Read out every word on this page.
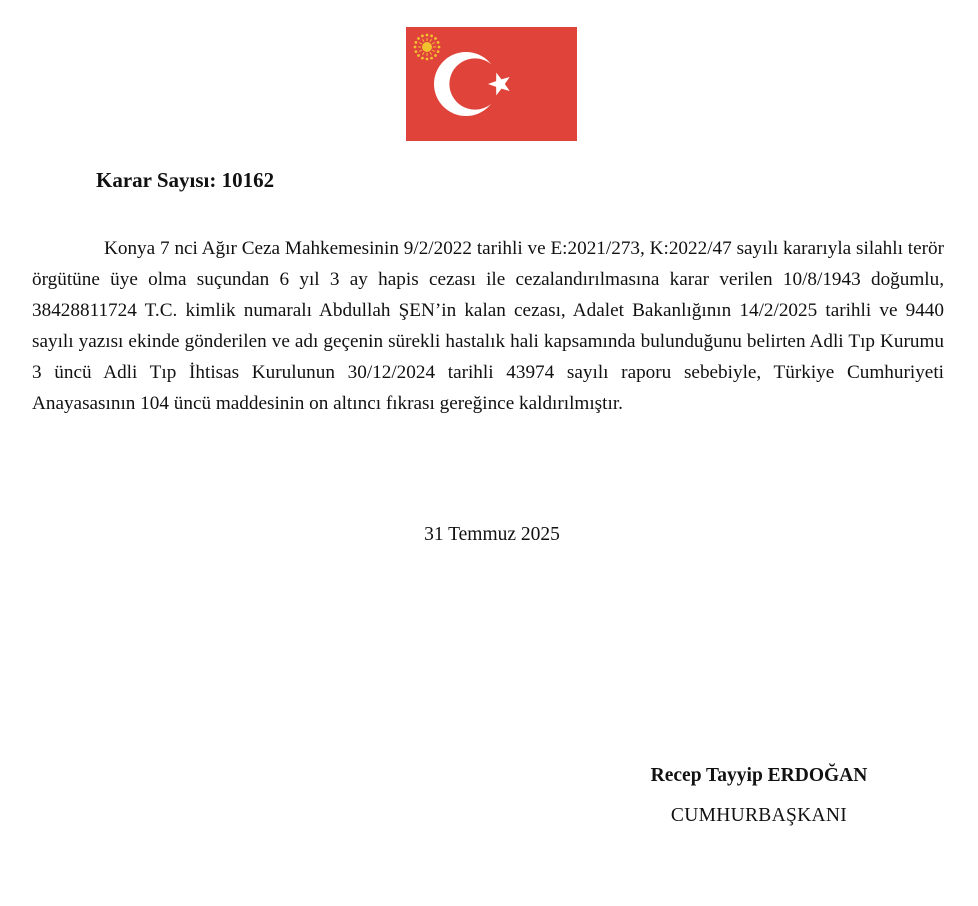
Karar Sayısı: 10162

Konya 7 nci Ağır Ceza Mahkemesinin 9/2/2022 tarihli ve E:2021/273, K:2022/47 sayılı kararıyla silahlı terör örgütüne üye olma suçundan 6 yıl 3 ay hapis cezası ile cezalandırılmasına karar verilen 10/8/1943 doğumlu, 38428811724 T.C. kimlik numaralı Abdullah ŞEN’in kalan cezası, Adalet Bakanlığının 14/2/2025 tarihli ve 9440 sayılı yazısı ekinde gönderilen ve adı geçenin sürekli hastalık hali kapsamında bulunduğunu belirten Adli Tıp Kurumu 3 üncü Adli Tıp İhtisas Kurulunun 30/12/2024 tarihli 43974 sayılı raporu sebebiyle, Türkiye Cumhuriyeti Anayasasının 104 üncü maddesinin on altıncı fıkrası gereğince kaldırılmıştır.

31 Temmuz 2025

Recep Tayyip ERDOĞAN

CUMHURBAŞKANI
